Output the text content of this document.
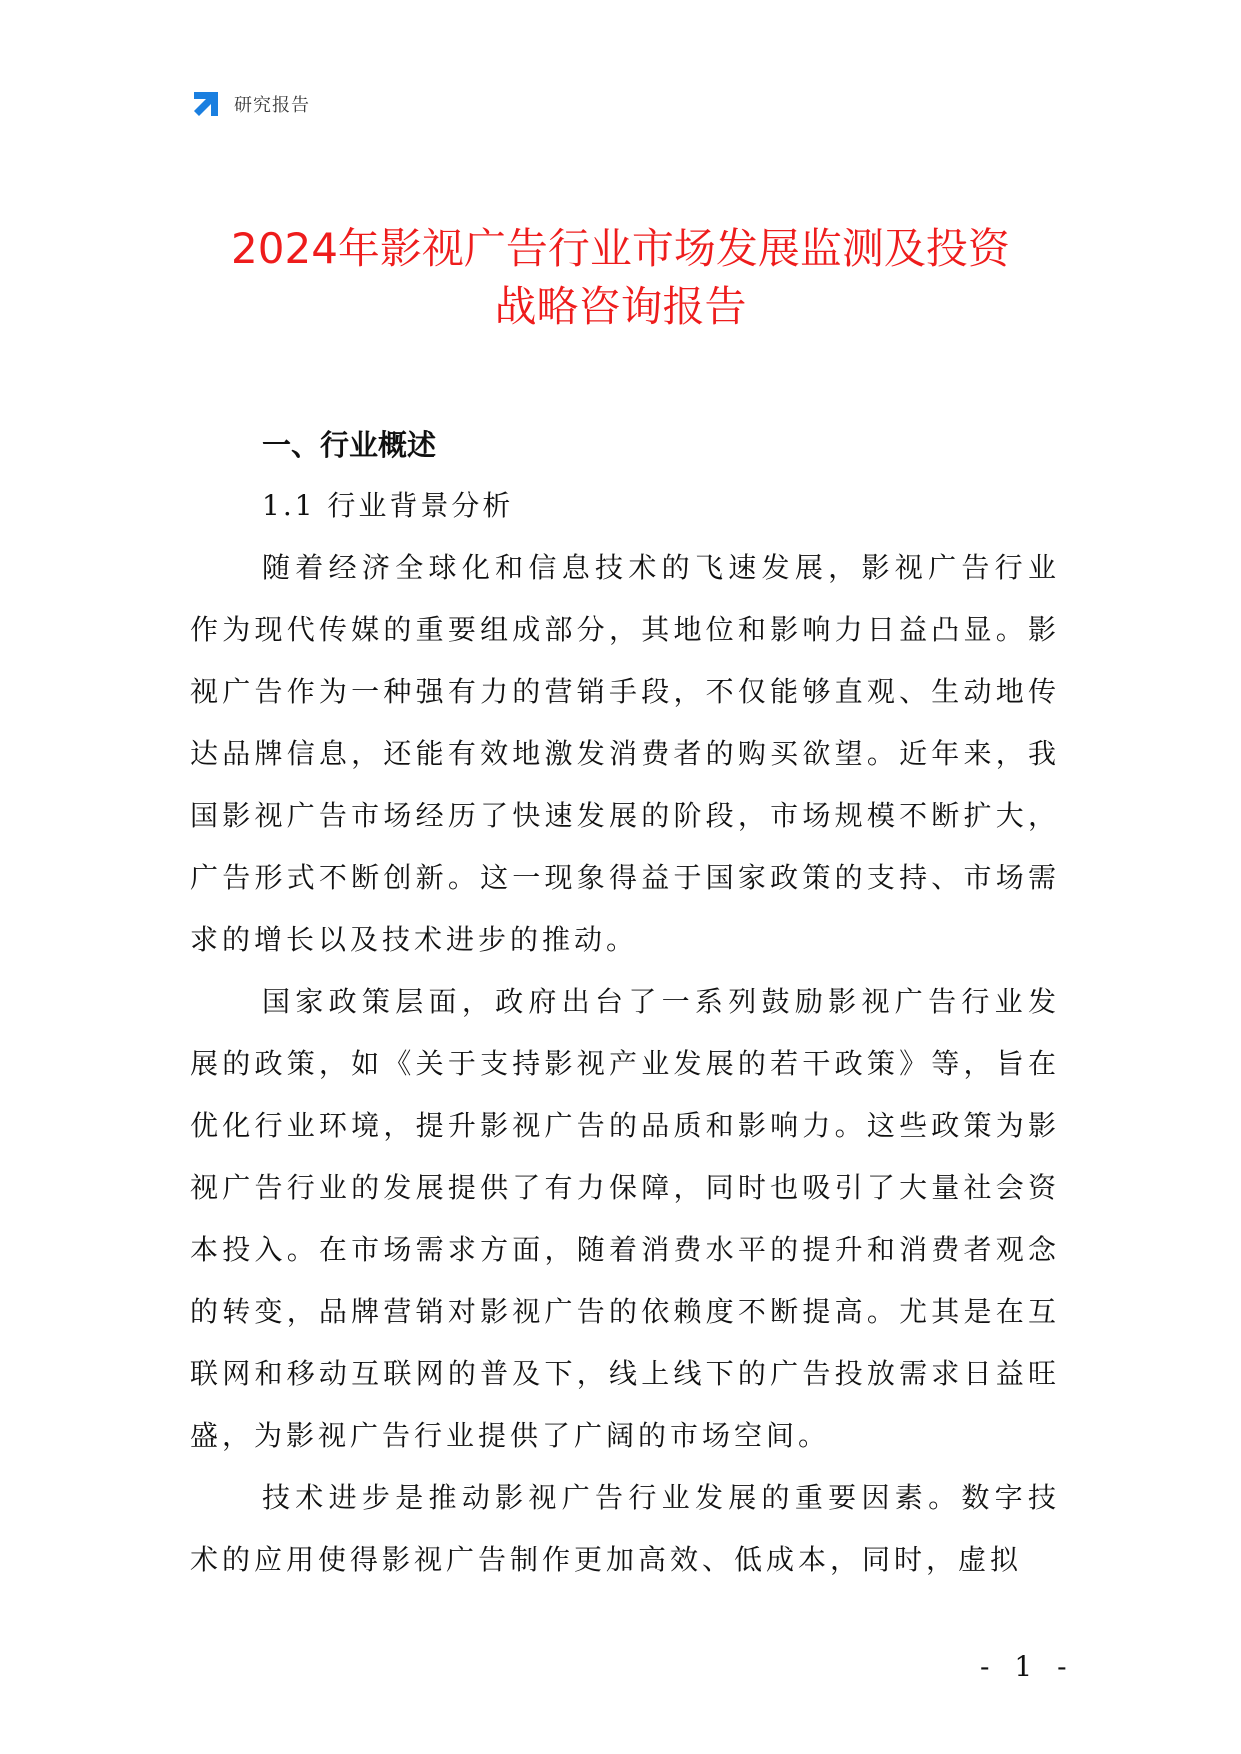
研究报告
2024年影视广告行业市场发展监测及投资
战略咨询报告

一、行业概述

1.1 行业背景分析

随着经济全球化和信息技术的飞速发展，影视广告行业作为现代传媒的重要组成部分，其地位和影响力日益凸显。影视广告作为一种强有力的营销手段，不仅能够直观、生动地传达品牌信息，还能有效地激发消费者的购买欲望。近年来，我国影视广告市场经历了快速发展的阶段，市场规模不断扩大，广告形式不断创新。这一现象得益于国家政策的支持、市场需求的增长以及技术进步的推动。

国家政策层面，政府出台了一系列鼓励影视广告行业发展的政策，如《关于支持影视产业发展的若干政策》等，旨在优化行业环境，提升影视广告的品质和影响力。这些政策为影视广告行业的发展提供了有力保障，同时也吸引了大量社会资本投入。在市场需求方面，随着消费水平的提升和消费者观念的转变，品牌营销对影视广告的依赖度不断提高。尤其是在互联网和移动互联网的普及下，线上线下的广告投放需求日益旺盛，为影视广告行业提供了广阔的市场空间。

技术进步是推动影视广告行业发展的重要因素。数字技术的应用使得影视广告制作更加高效、低成本，同时，虚拟

- 1 -
